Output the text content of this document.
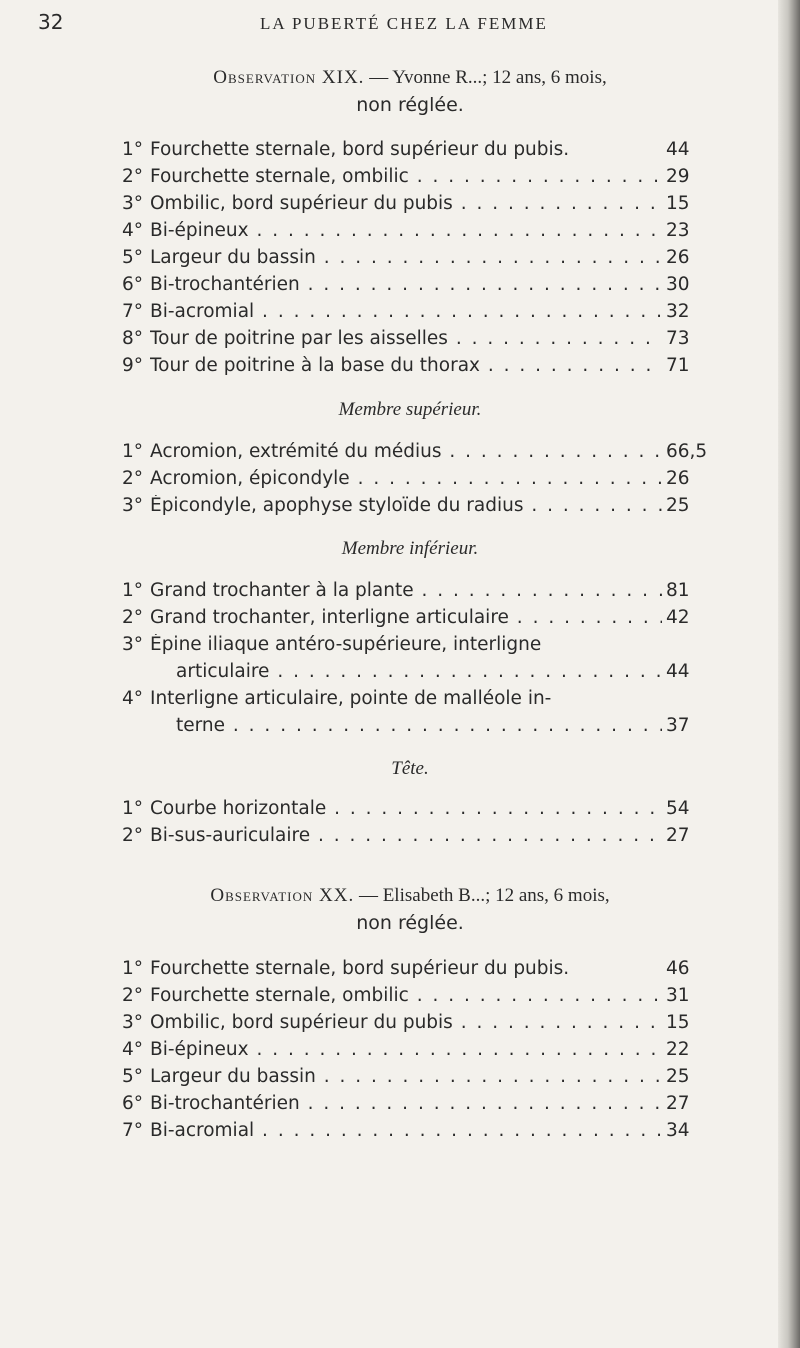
32	LA PUBERTÉ CHEZ LA FEMME
Observation XIX. — Yvonne R...; 12 ans, 6 mois,
non réglée.
1° Fourchette sternale, bord supérieur du pubis.	44
2° Fourchette sternale, ombilic . . .	29
3° Ombilic, bord supérieur du pubis . . .	15
4° Bi-épineux . . .	23
5° Largeur du bassin . . .	26
6° Bi-trochantérien . . .	30
7° Bi-acromial . . .	32
8° Tour de poitrine par les aisselles . . .	73
9° Tour de poitrine à la base du thorax . . .	71
Membre supérieur.
1° Acromion, extrémité du médius . . .	66,5
2° Acromion, épicondyle . . .	26
3° Épicondyle, apophyse styloïde du radius . . .	25
Membre inférieur.
1° Grand trochanter à la plante . . .	81
2° Grand trochanter, interligne articulaire . . .	42
3° Épine iliaque antéro-supérieure, interligne
articulaire . . .	44
4° Interligne articulaire, pointe de malléole in-
terne . . .	37
Tête.
1° Courbe horizontale . . .	54
2° Bi-sus-auriculaire . . .	27
Observation XX. — Elisabeth B...; 12 ans, 6 mois,
non réglée.
1° Fourchette sternale, bord supérieur du pubis.	46
2° Fourchette sternale, ombilic . . .	31
3° Ombilic, bord supérieur du pubis . . .	15
4° Bi-épineux . . .	22
5° Largeur du bassin . . .	25
6° Bi-trochantérien . . .	27
7° Bi-acromial . . .	34
